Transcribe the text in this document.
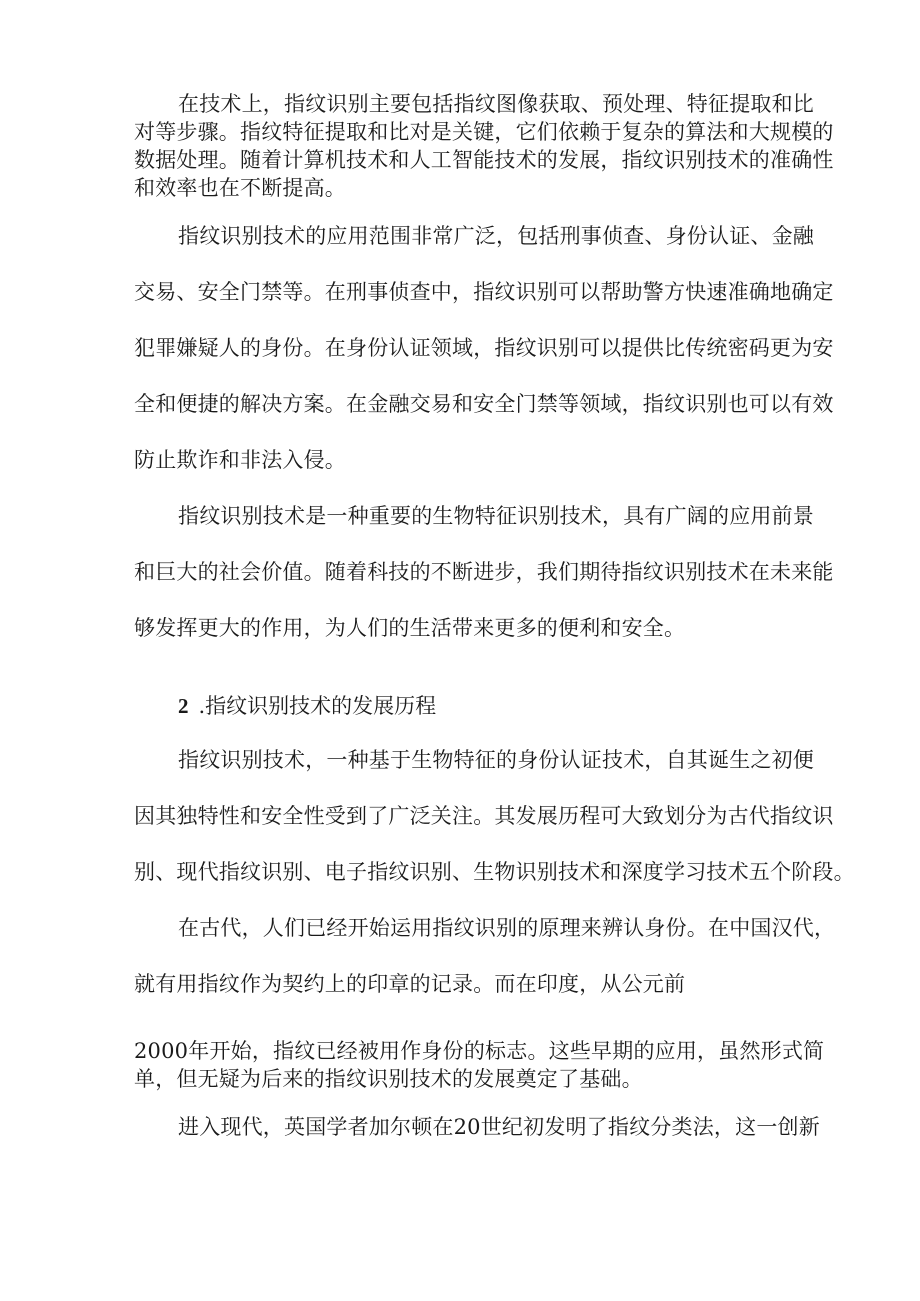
在技术上，指纹识别主要包括指纹图像获取、预处理、特征提取和比
对等步骤。指纹特征提取和比对是关键，它们依赖于复杂的算法和大规模的
数据处理。随着计算机技术和人工智能技术的发展，指纹识别技术的准确性
和效率也在不断提高。
指纹识别技术的应用范围非常广泛，包括刑事侦查、身份认证、金融
交易、安全门禁等。在刑事侦查中，指纹识别可以帮助警方快速准确地确定
犯罪嫌疑人的身份。在身份认证领域，指纹识别可以提供比传统密码更为安
全和便捷的解决方案。在金融交易和安全门禁等领域，指纹识别也可以有效
防止欺诈和非法入侵。
指纹识别技术是一种重要的生物特征识别技术，具有广阔的应用前景
和巨大的社会价值。随着科技的不断进步，我们期待指纹识别技术在未来能
够发挥更大的作用，为人们的生活带来更多的便利和安全。
2 .指纹识别技术的发展历程
指纹识别技术，一种基于生物特征的身份认证技术，自其诞生之初便
因其独特性和安全性受到了广泛关注。其发展历程可大致划分为古代指纹识
别、现代指纹识别、电子指纹识别、生物识别技术和深度学习技术五个阶段。
在古代，人们已经开始运用指纹识别的原理来辨认身份。在中国汉代，
就有用指纹作为契约上的印章的记录。而在印度，从公元前
2000年开始，指纹已经被用作身份的标志。这些早期的应用，虽然形式简
单，但无疑为后来的指纹识别技术的发展奠定了基础。
进入现代，英国学者加尔顿在20世纪初发明了指纹分类法，这一创新
